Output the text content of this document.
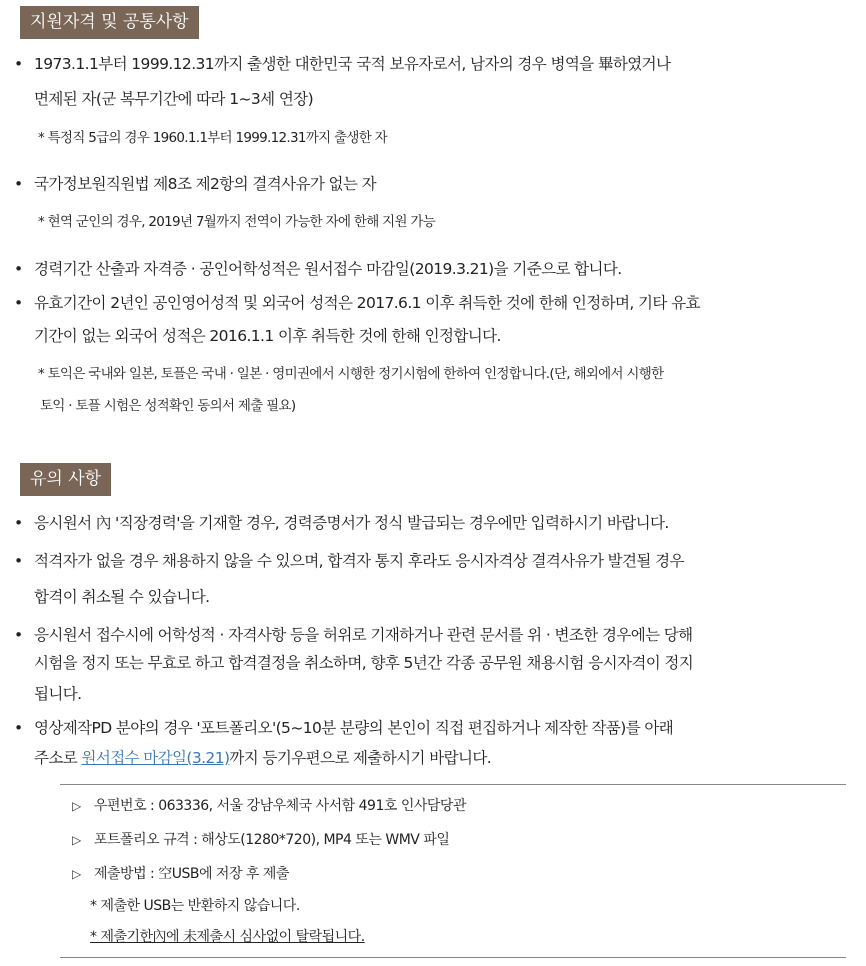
지원자격 및 공통사항
• 1973.1.1부터 1999.12.31까지 출생한 대한민국 국적 보유자로서, 남자의 경우 병역을 畢하였거나
면제된 자(군 복무기간에 따라 1~3세 연장)
* 특정직 5급의 경우 1960.1.1부터 1999.12.31까지 출생한 자
• 국가정보원직원법 제8조 제2항의 결격사유가 없는 자
* 현역 군인의 경우, 2019년 7월까지 전역이 가능한 자에 한해 지원 가능
• 경력기간 산출과 자격증 · 공인어학성적은 원서접수 마감일(2019.3.21)을 기준으로 합니다.
• 유효기간이 2년인 공인영어성적 및 외국어 성적은 2017.6.1 이후 취득한 것에 한해 인정하며, 기타 유효
기간이 없는 외국어 성적은 2016.1.1 이후 취득한 것에 한해 인정합니다.
* 토익은 국내와 일본, 토플은 국내 · 일본 · 영미권에서 시행한 정기시험에 한하여 인정합니다.(단, 해외에서 시행한
토익 · 토플 시험은 성적확인 동의서 제출 필요)
유의 사항
• 응시원서 內 '직장경력'을 기재할 경우, 경력증명서가 정식 발급되는 경우에만 입력하시기 바랍니다.
• 적격자가 없을 경우 채용하지 않을 수 있으며, 합격자 통지 후라도 응시자격상 결격사유가 발견될 경우
합격이 취소될 수 있습니다.
• 응시원서 접수시에 어학성적 · 자격사항 등을 허위로 기재하거나 관련 문서를 위 · 변조한 경우에는 당해
시험을 정지 또는 무효로 하고 합격결정을 취소하며, 향후 5년간 각종 공무원 채용시험 응시자격이 정지
됩니다.
• 영상제작PD 분야의 경우 '포트폴리오'(5~10분 분량의 본인이 직접 편집하거나 제작한 작품)를 아래
주소로 원서접수 마감일(3.21)까지 등기우편으로 제출하시기 바랍니다.
▷ 우편번호 : 063336, 서울 강남우체국 사서함 491호 인사담당관
▷ 포트폴리오 규격 : 해상도(1280*720), MP4 또는 WMV 파일
▷ 제출방법 : 空USB에 저장 후 제출
* 제출한 USB는 반환하지 않습니다.
* 제출기한內에 未제출시 심사없이 탈락됩니다.
